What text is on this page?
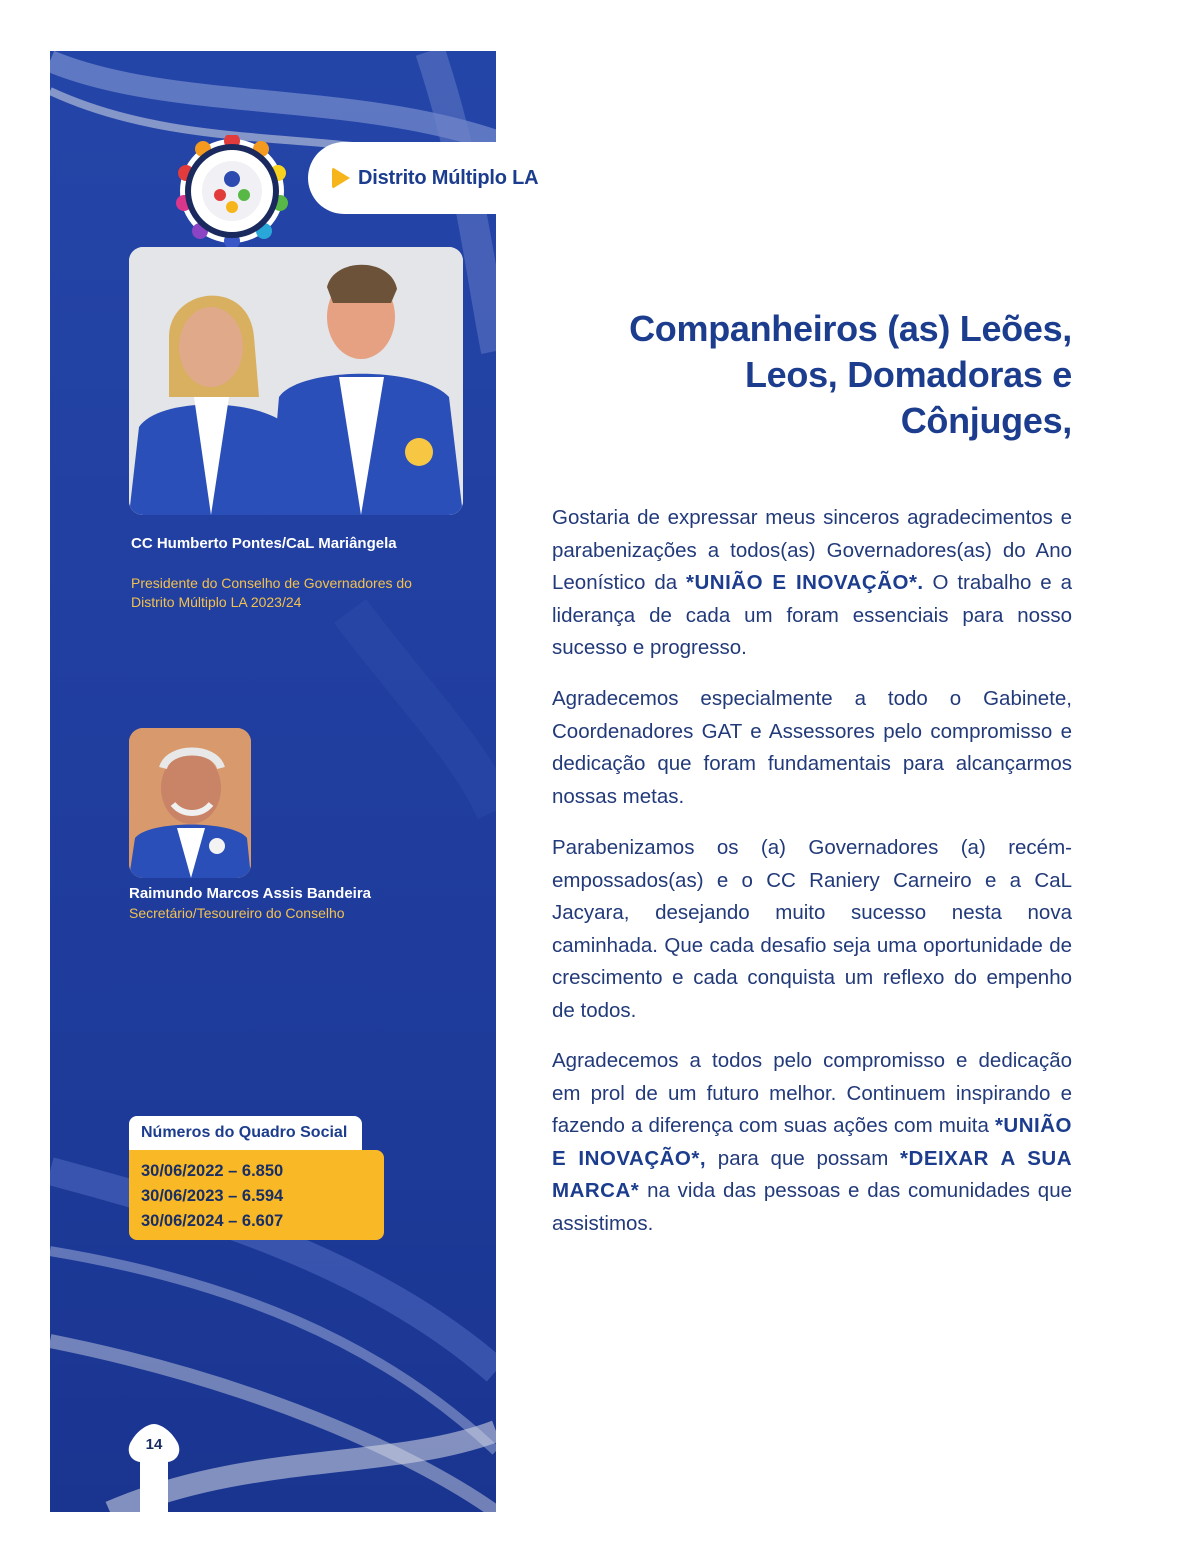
Distrito Múltiplo LA
CC Humberto Pontes/CaL Mariângela
Presidente do Conselho de Governadores do
Distrito Múltiplo LA 2023/24
Raimundo Marcos Assis Bandeira
Secretário/Tesoureiro do Conselho
Números do Quadro Social
30/06/2022 – 6.850
30/06/2023 – 6.594
30/06/2024 – 6.607
14
Companheiros (as) Leões,
Leos, Domadoras e
Cônjuges,

Gostaria de expressar meus sinceros agradecimentos e parabenizações a todos(as) Governadores(as) do Ano Leonístico da *UNIÃO E INOVAÇÃO*. O trabalho e a liderança de cada um foram essenciais para nosso sucesso e progresso.

Agradecemos especialmente a todo o Gabinete, Coordenadores GAT e Assessores pelo compromisso e dedicação que foram fundamentais para alcançarmos nossas metas.

Parabenizamos os (a) Governadores (a) recém-empossados(as) e o CC Raniery Carneiro e a CaL Jacyara, desejando muito sucesso nesta nova caminhada. Que cada desafio seja uma oportunidade de crescimento e cada conquista um reflexo do empenho de todos.

Agradecemos a todos pelo compromisso e dedicação em prol de um futuro melhor. Continuem inspirando e fazendo a diferença com suas ações com muita *UNIÃO E INOVAÇÃO*, para que possam *DEIXAR A SUA MARCA* na vida das pessoas e das comunidades que assistimos.
